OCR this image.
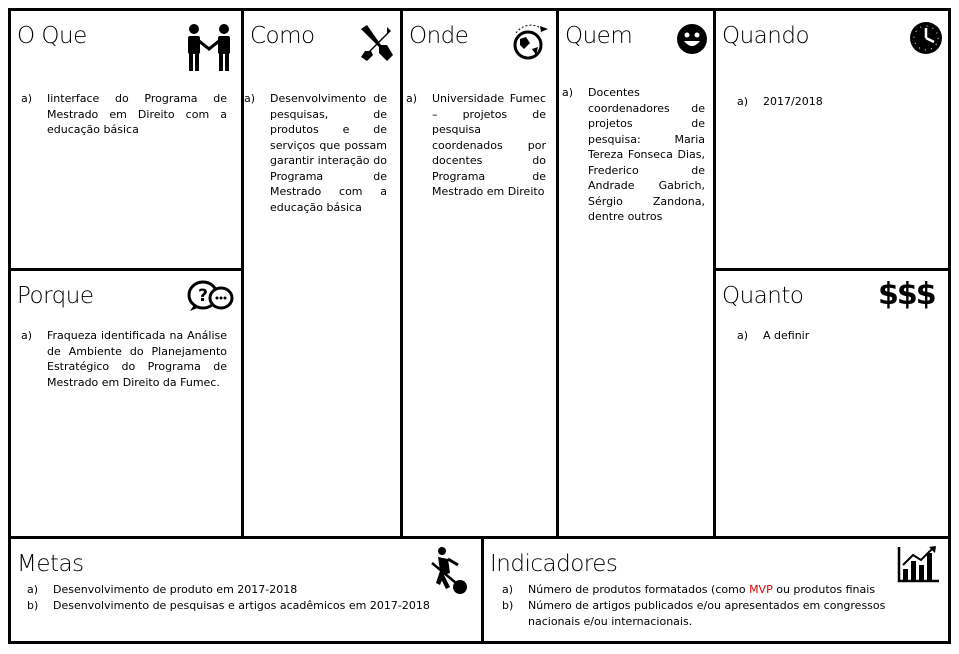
O Que
a) Iinterface do Programa de Mestrado em Direito com a educação básica
Porque	?
a) Fraqueza identificada na Análise de Ambiente do Planejamento Estratégico do Programa de Mestrado em Direito da Fumec.
Como
a) Desenvolvimento de pesquisas, de produtos e de serviços que possam garantir interação do Programa de Mestrado com a educação básica
Onde
a) Universidade Fumec – projetos de pesquisa coordenados por docentes do Programa de Mestrado em Direito
Quem
a) Docentes coordenadores de projetos de pesquisa: Maria Tereza Fonseca Dias, Frederico de Andrade Gabrich, Sérgio Zandona, dentre outros
Quando
a) 2017/2018
Quanto $$$
a) A definir
Metas
a) Desenvolvimento de produto em 2017-2018
b) Desenvolvimento de pesquisas e artigos acadêmicos em 2017-2018
Indicadores
a) Número de produtos formatados (como MVP ou produtos finais
b) Número de artigos publicados e/ou apresentados em congressos nacionais e/ou internacionais.
